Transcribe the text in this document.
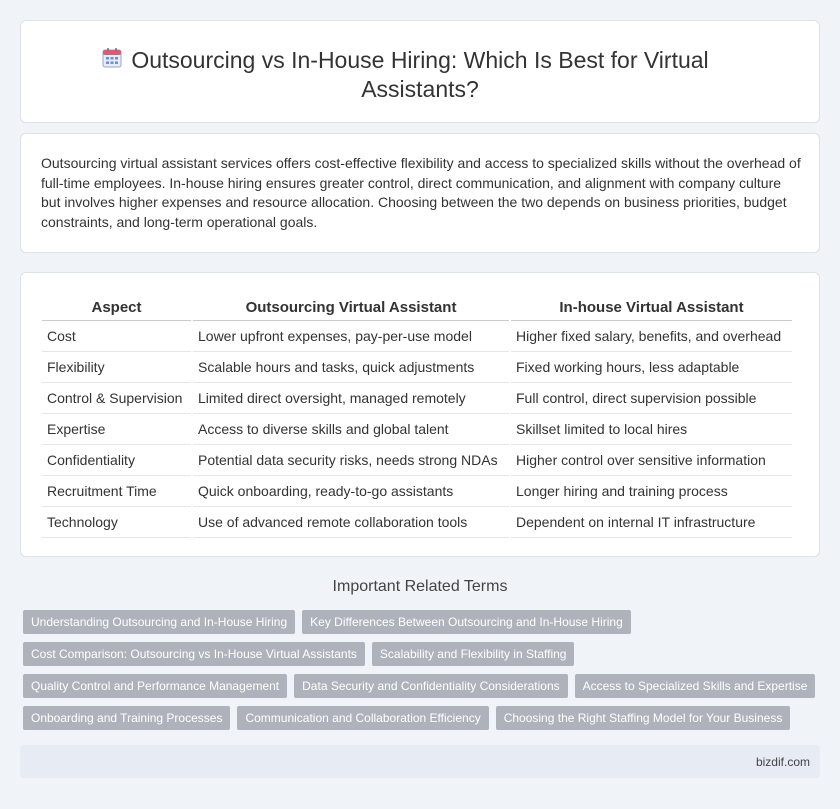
Outsourcing vs In-House Hiring: Which Is Best for Virtual Assistants?

Outsourcing virtual assistant services offers cost-effective flexibility and access to specialized skills without the overhead of full-time employees. In-house hiring ensures greater control, direct communication, and alignment with company culture but involves higher expenses and resource allocation. Choosing between the two depends on business priorities, budget constraints, and long-term operational goals.

Aspect	Outsourcing Virtual Assistant	In-house Virtual Assistant
Cost	Lower upfront expenses, pay-per-use model	Higher fixed salary, benefits, and overhead
Flexibility	Scalable hours and tasks, quick adjustments	Fixed working hours, less adaptable
Control & Supervision	Limited direct oversight, managed remotely	Full control, direct supervision possible
Expertise	Access to diverse skills and global talent	Skillset limited to local hires
Confidentiality	Potential data security risks, needs strong NDAs	Higher control over sensitive information
Recruitment Time	Quick onboarding, ready-to-go assistants	Longer hiring and training process
Technology	Use of advanced remote collaboration tools	Dependent on internal IT infrastructure
Important Related Terms
Understanding Outsourcing and In-House Hiring	Key Differences Between Outsourcing and In-House Hiring
Cost Comparison: Outsourcing vs In-House Virtual Assistants	Scalability and Flexibility in Staffing
Quality Control and Performance Management	Data Security and Confidentiality Considerations	Access to Specialized Skills and Expertise
Onboarding and Training Processes	Communication and Collaboration Efficiency	Choosing the Right Staffing Model for Your Business
bizdif.com
